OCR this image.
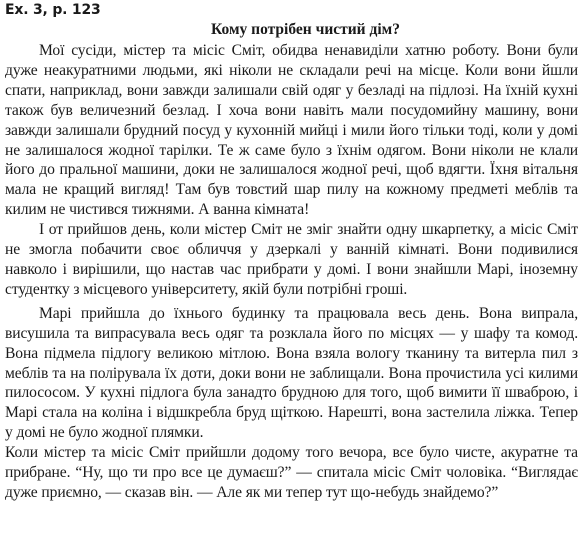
Ex. 3, p. 123
Кому потрібен чистий дім?

Мої сусіди, містер та місіс Сміт, обидва ненавиділи хатню роботу. Вони були дуже неакуратними людьми, які ніколи не складали речі на місце. Коли вони йшли спати, наприклад, вони завжди залишали свій одяг у безладі на підлозі. На їхній кухні також був величезний безлад. І хоча вони навіть мали посудомийну машину, вони завжди залишали брудний посуд у кухонній мийці і мили його тільки тоді, коли у домі не залишалося жодної тарілки. Те ж саме було з їхнім одягом. Вони ніколи не клали його до пральної машини, доки не залишалося жодної речі, щоб вдягти. Їхня вітальня мала не кращий вигляд! Там був товстий шар пилу на кожному предметі меблів та килим не чистився тижнями. А ванна кімната!

І от прийшов день, коли містер Сміт не зміг знайти одну шкарпетку, а місіс Сміт не змогла побачити своє обличчя у дзеркалі у ванній кімнаті. Вони подивилися навколо і вирішили, що настав час прибрати у домі. І вони знайшли Марі, іноземну студентку з місцевого університету, якій були потрібні гроші.

Марі прийшла до їхнього будинку та працювала весь день. Вона випрала, висушила та випрасувала весь одяг та розклала його по місцях — у шафу та комод. Вона підмела підлогу великою мітлою. Вона взяла вологу тканину та витерла пил з меблів та на полірувала їх доти, доки вони не заблищали. Вона прочистила усі килими пилососом. У кухні підлога була занадто брудною для того, щоб вимити її шваброю, і Марі стала на коліна і відшкребла бруд щіткою. Нарешті, вона застелила ліжка. Тепер у домі не було жодної плямки.

Коли містер та місіс Сміт прийшли додому того вечора, все було чисте, акуратне та прибране. “Ну, що ти про все це думаєш?” — спитала місіс Сміт чоловіка. “Виглядає дуже приємно, — сказав він. — Але як ми тепер тут що-небудь знайдемо?”
